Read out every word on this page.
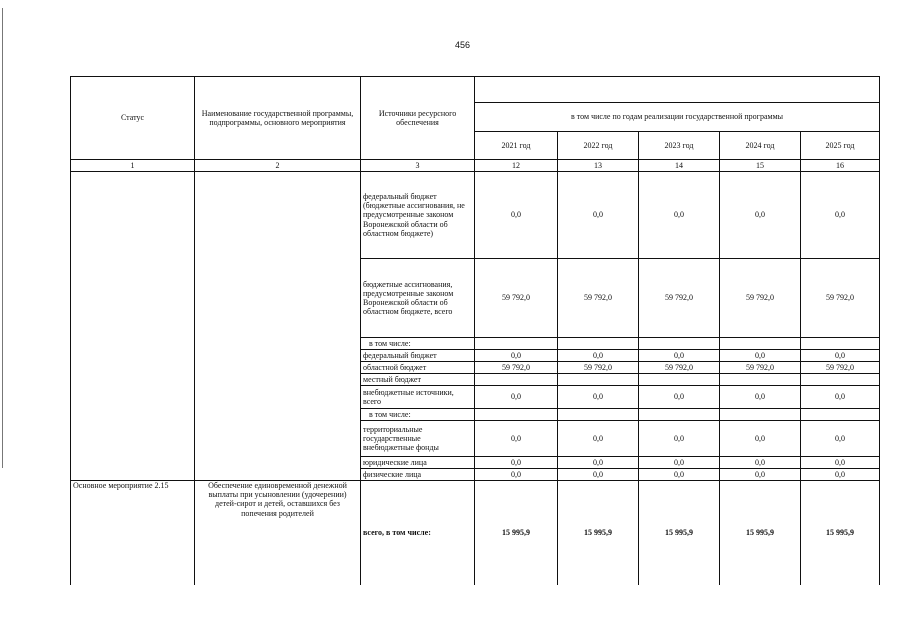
456
Статус	Наименование государственной программы, подпрограммы, основного мероприятия	Источники ресурсного обеспечения					
			в том числе по годам реализации государственной программы				
			2021 год	2022 год	2023 год	2024 год	2025 год
1	2	3	12	13	14	15	16
		федеральный бюджет (бюджетные ассигнования, не предусмотренные законом Воронежской области об областном бюджете)	0,0	0,0	0,0	0,0	0,0
		бюджетные ассигнования, предусмотренные законом Воронежской области об областном бюджете, всего	59 792,0	59 792,0	59 792,0	59 792,0	59 792,0
		в том числе:					
		федеральный бюджет	0,0	0,0	0,0	0,0	0,0
		областной бюджет	59 792,0	59 792,0	59 792,0	59 792,0	59 792,0
		местный бюджет					
		внебюджетные источники, всего	0,0	0,0	0,0	0,0	0,0
		в том числе:					
		территориальные государственные внебюджетные фонды	0,0	0,0	0,0	0,0	0,0
		юридические лица	0,0	0,0	0,0	0,0	0,0
		физические лица	0,0	0,0	0,0	0,0	0,0
Основное мероприятие 2.15	Обеспечение единовременной денежной выплаты при усыновлении (удочерении) детей-сирот и детей, оставшихся без попечения родителей	всего, в том числе:	15 995,9	15 995,9	15 995,9	15 995,9	15 995,9
